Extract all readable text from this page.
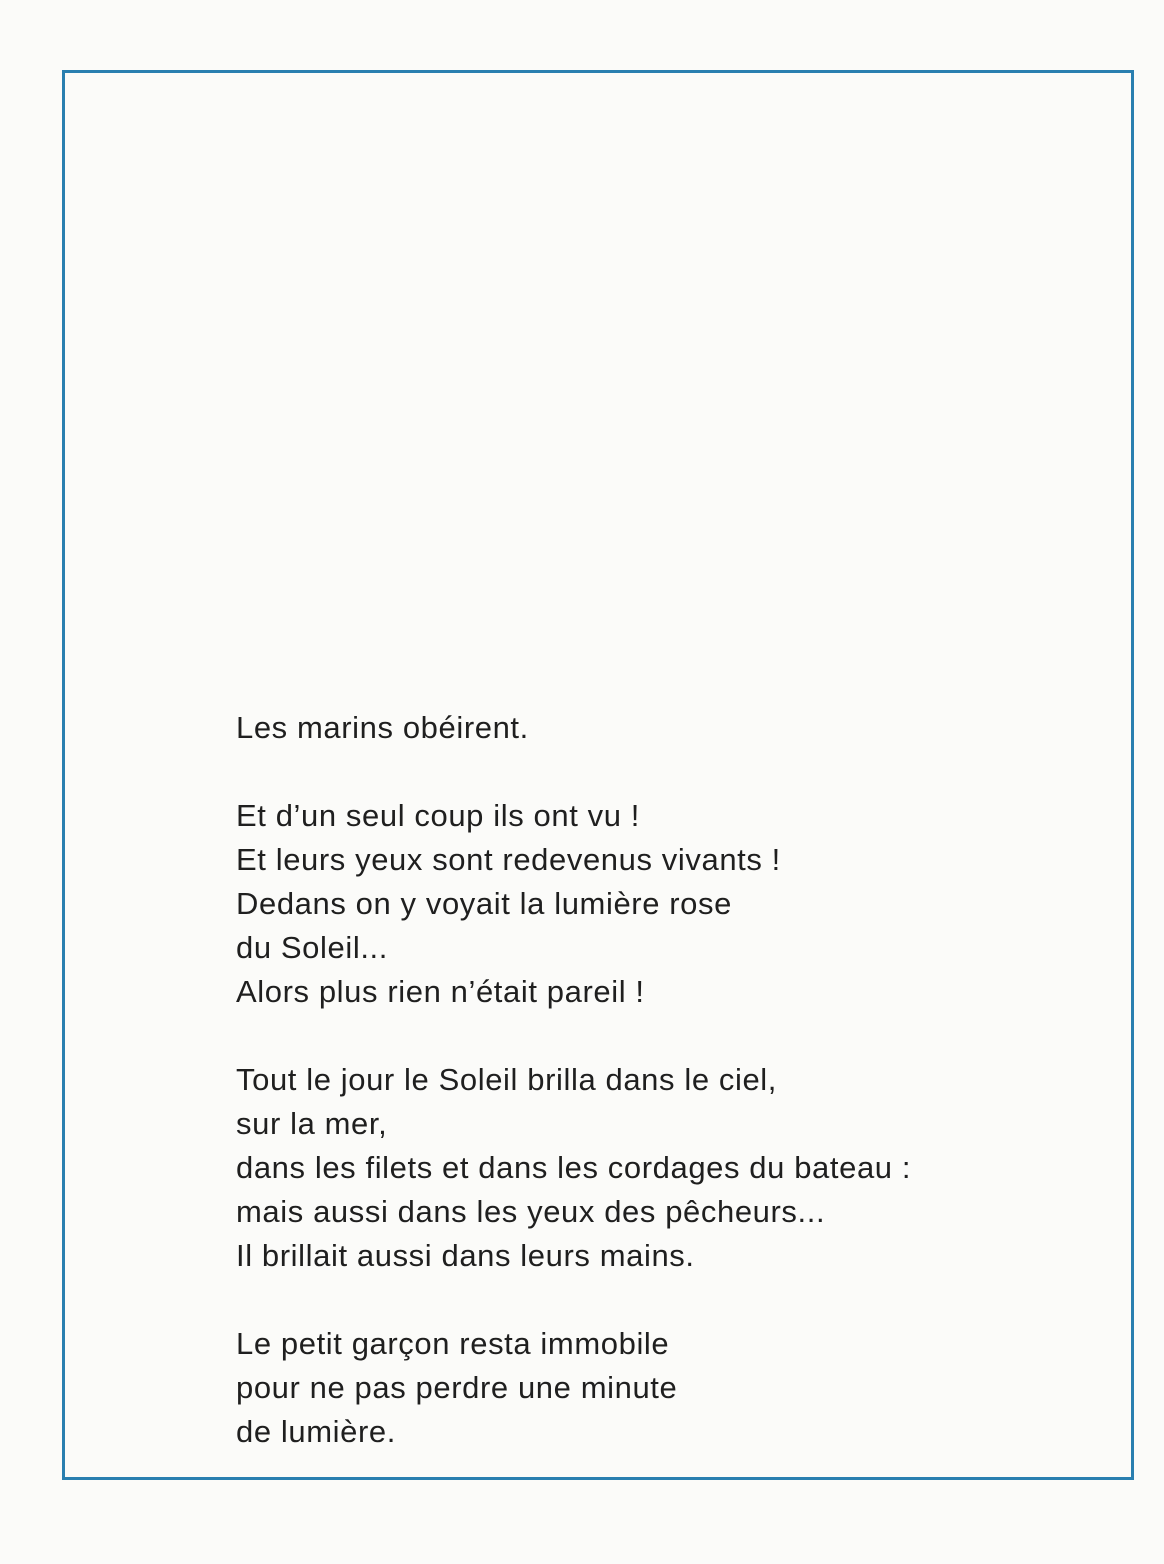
Les marins obéirent.

Et d’un seul coup ils ont vu !
Et leurs yeux sont redevenus vivants !
Dedans on y voyait la lumière rose
du Soleil...
Alors plus rien n’était pareil !

Tout le jour le Soleil brilla dans le ciel,
sur la mer,
dans les filets et dans les cordages du bateau :
mais aussi dans les yeux des pêcheurs...
Il brillait aussi dans leurs mains.

Le petit garçon resta immobile
pour ne pas perdre une minute
de lumière.
